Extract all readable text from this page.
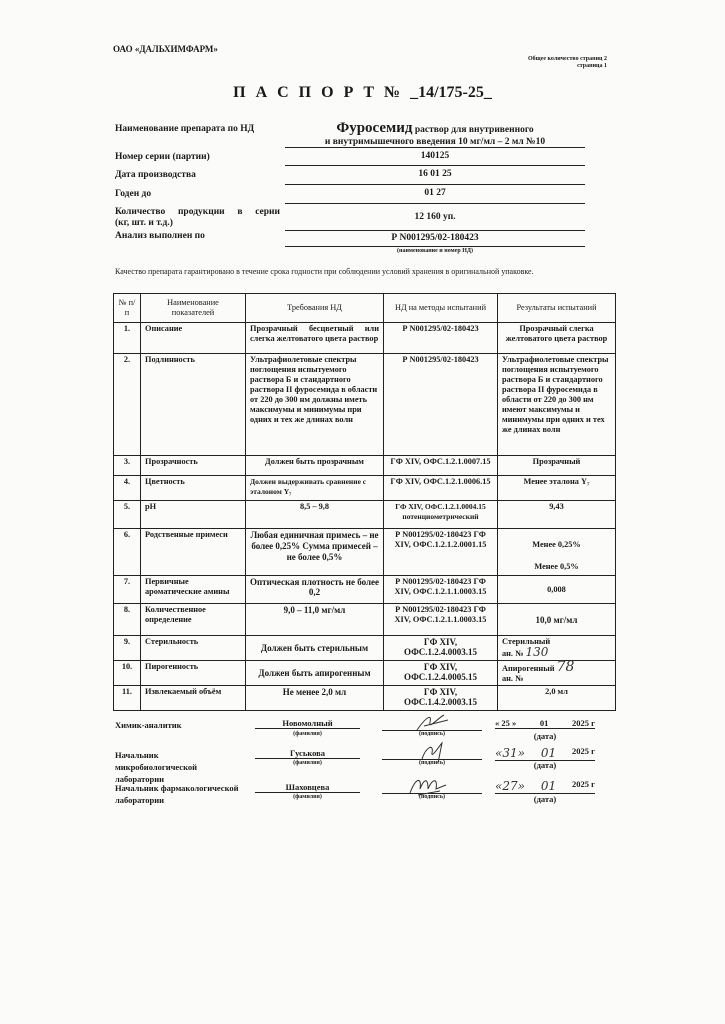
ОАО «ДАЛЬХИМФАРМ»
Общее количество страниц 2
страница 1
П А С П О Р Т № _14/175-25_
Наименование препарата по НД	Фуросемид раствор для внутривенного
и внутримышечного введения 10 мг/мл – 2 мл №10
Номер серии (партии)	140125
Дата производства	16 01 25
Годен до	01 27
Количество продукции в серии
(кг, шт. и т.д.)
12 160 уп.
Анализ выполнен по	Р N001295/02-180423
(наименование и номер НД)
Качество препарата гарантировано в течение срока годности при соблюдении условий хранения в оригинальной упаковке.
№ п/п	Наименование показателей	Требования НД	НД на методы испытаний	Результаты испытаний
1.	Описание	Прозрачный бесцветный или слегка желтоватого цвета раствор	Р N001295/02-180423	Прозрачный слегка желтоватого цвета раствор
2.	Подлинность	Ультрафиолетовые спектры поглощения испытуемого раствора Б и стандартного раствора II фуросемида в области от 220 до 300 нм должны иметь максимумы и минимумы при одних и тех же длинах волн	Р N001295/02-180423	Ультрафиолетовые спектры поглощения испытуемого раствора Б и стандартного раствора II фуросемида в области от 220 до 300 нм имеют максимумы и минимумы при одних и тех же длинах волн
3.	Прозрачность	Должен быть прозрачным	ГФ XIV, ОФС.1.2.1.0007.15	Прозрачный
4.	Цветность	Должен выдерживать сравнение с эталоном Y₇	ГФ XIV, ОФС.1.2.1.0006.15	Менее эталона Y₇
5.	pH	8,5 – 9,8	ГФ XIV, ОФС.1.2.1.0004.15 потенциометрический	9,43
6.	Родственные примеси	Любая единичная примесь – не более 0,25% Сумма примесей – не более 0,5%	Р N001295/02-180423 ГФ XIV, ОФС.1.2.1.2.0001.15	Менее 0,25%
Менее 0,5%

7.	Первичные ароматические амины	Оптическая плотность не более 0,2	Р N001295/02-180423 ГФ XIV, ОФС.1.2.1.1.0003.15	0,008
8.	Количественное определение	9,0 – 11,0 мг/мл	Р N001295/02-180423 ГФ XIV, ОФС.1.2.1.1.0003.15	10,0 мг/мл
9.	Стерильность	Должен быть стерильным	ГФ XIV, ОФС.1.2.4.0003.15	Стерильный
ан. № 130

10.	Пирогенность	Должен быть апирогенным	ГФ XIV, ОФС.1.2.4.0005.15	Апирогенный 78
ан. №

11.	Извлекаемый объём	Не менее 2,0 мл	ГФ XIV, ОФС.1.4.2.0003.15	2,0 мл
Химик-аналитик	Новомолный
(фамилия)	(подпись)
« 25 »	01	2025 г
(дата)
Начальник микробиологической лаборатории
Гуськова
(фамилия)	(подпись)
«31» 01 2025 г
(дата)
Начальник фармакологической лаборатории
Шаховцева
(фамилия)	(подпись)
«27» 01 2025 г
(дата)
